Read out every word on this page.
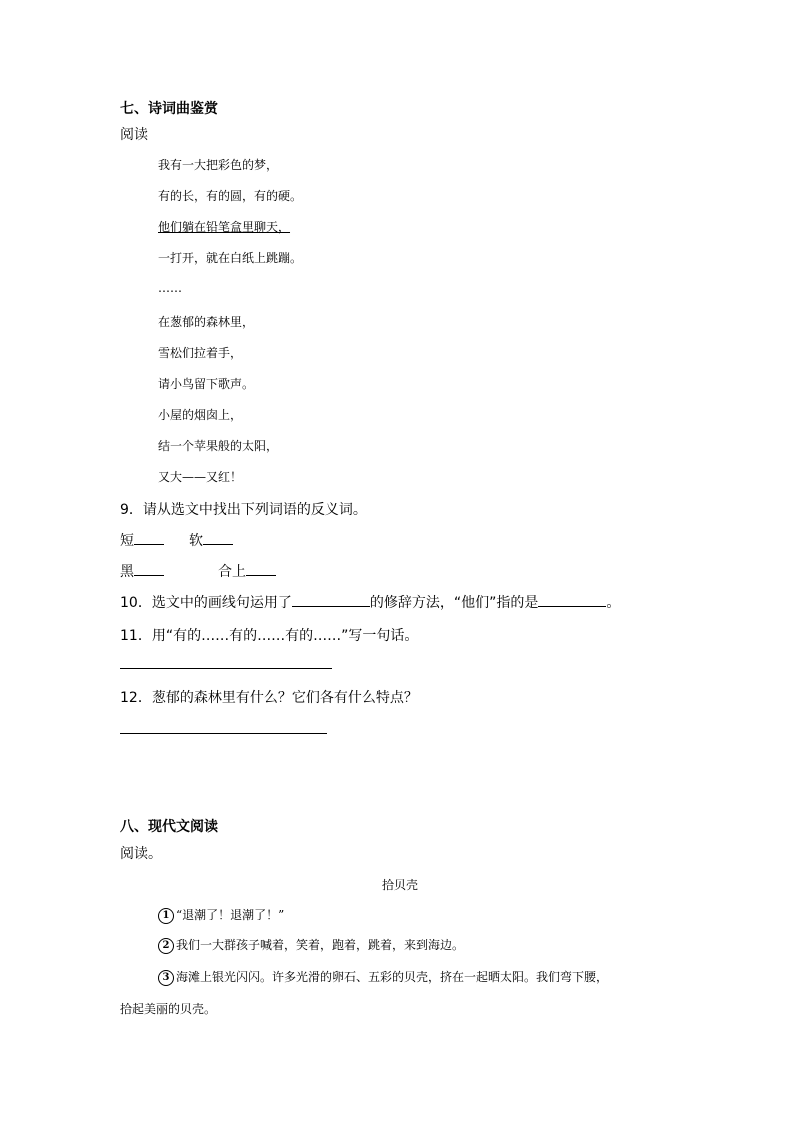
七、诗词曲鉴赏
阅读
我有一大把彩色的梦，
有的长，有的圆，有的硬。
他们躺在铅笔盒里聊天，
一打开，就在白纸上跳蹦。
……
在葱郁的森林里，
雪松们拉着手，
请小鸟留下歌声。
小屋的烟囱上，
结一个苹果般的太阳，
又大——又红！
9．请从选文中找出下列词语的反义词。
短	软
黑	合上
10．选文中的画线句运用了	的修辞方法，“他们”指的是	。
11．用“有的……有的……有的……”写一句话。
12．葱郁的森林里有什么？它们各有什么特点？
八、现代文阅读
阅读。
拾贝壳
1 “退潮了！退潮了！”
2 我们一大群孩子喊着，笑着，跑着，跳着，来到海边。
3 海滩上银光闪闪。许多光滑的卵石、五彩的贝壳，挤在一起晒太阳。我们弯下腰，
拾起美丽的贝壳。
